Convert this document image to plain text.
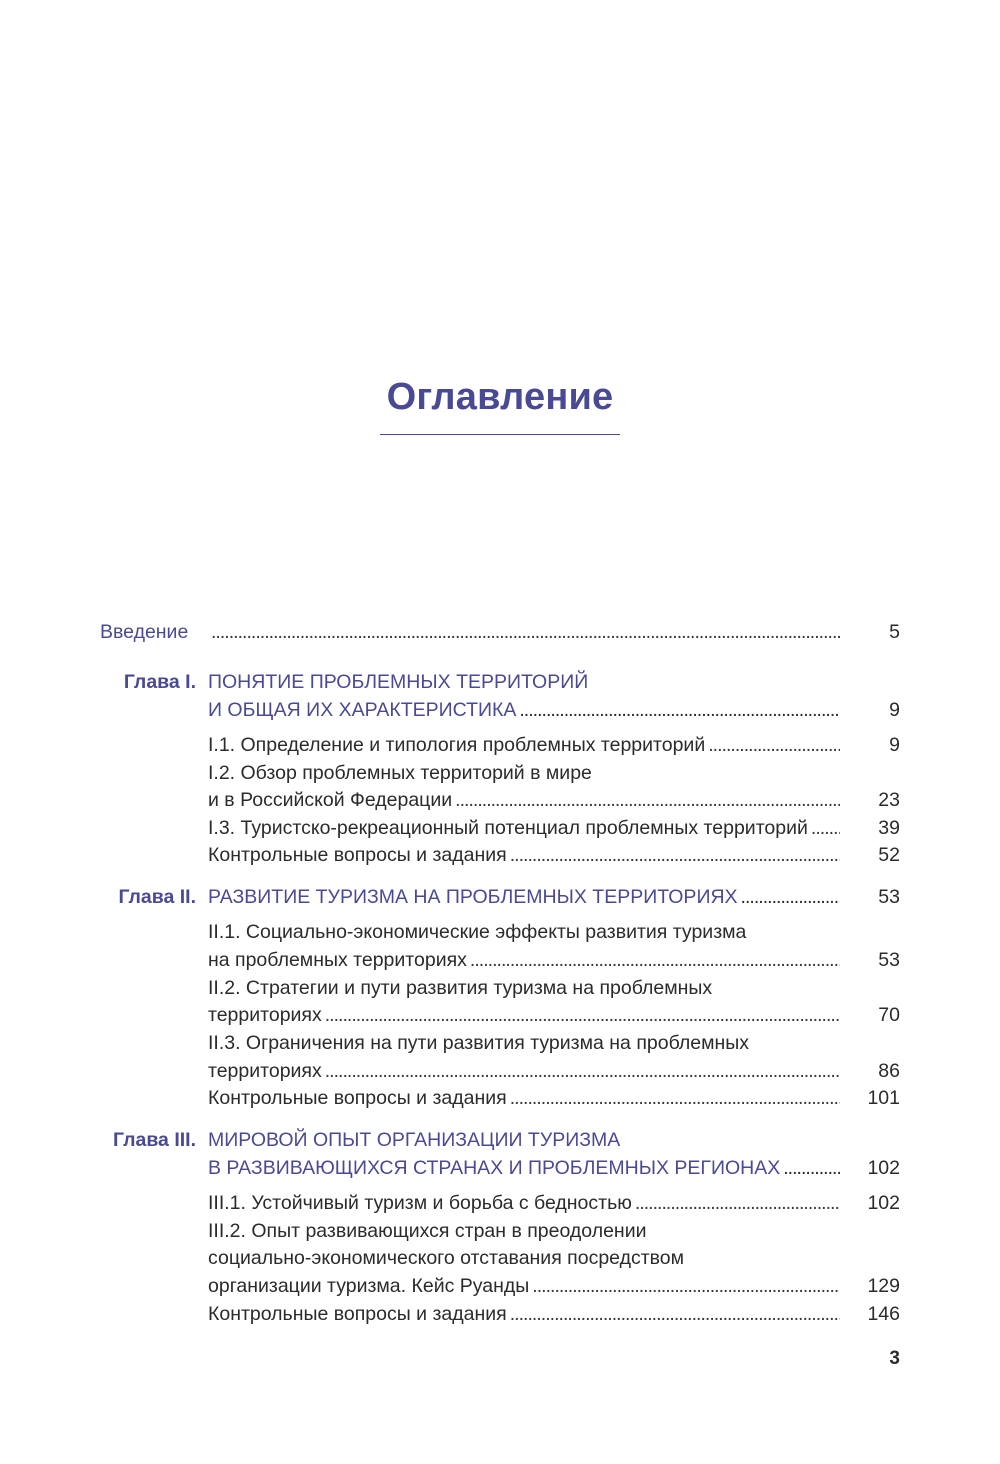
Оглавление
Введение . . .	5
Глава I. ПОНЯТИЕ ПРОБЛЕМНЫХ ТЕРРИТОРИЙ
И ОБЩАЯ ИХ ХАРАКТЕРИСТИКА . . .	9
I.1. Определение и типология проблемных территорий . . .	9
I.2. Обзор проблемных территорий в мире
и в Российской Федерации . . .	23
I.3. Туристско-рекреационный потенциал проблемных территорий . . .	39
Контрольные вопросы и задания . . .	52
Глава II. РАЗВИТИЕ ТУРИЗМА НА ПРОБЛЕМНЫХ ТЕРРИТОРИЯХ . . .	53
II.1. Социально-экономические эффекты развития туризма
на проблемных территориях . . .	53
II.2. Стратегии и пути развития туризма на проблемных
территориях . . .	70
II.3. Ограничения на пути развития туризма на проблемных
территориях . . .	86
Контрольные вопросы и задания . . .	101
Глава III. МИРОВОЙ ОПЫТ ОРГАНИЗАЦИИ ТУРИЗМА
В РАЗВИВАЮЩИХСЯ СТРАНАХ И ПРОБЛЕМНЫХ РЕГИОНАХ . . .	102
III.1. Устойчивый туризм и борьба с бедностью . . .	102
III.2. Опыт развивающихся стран в преодолении
социально-экономического отставания посредством
организации туризма. Кейс Руанды . . .	129
Контрольные вопросы и задания . . .	146
3
